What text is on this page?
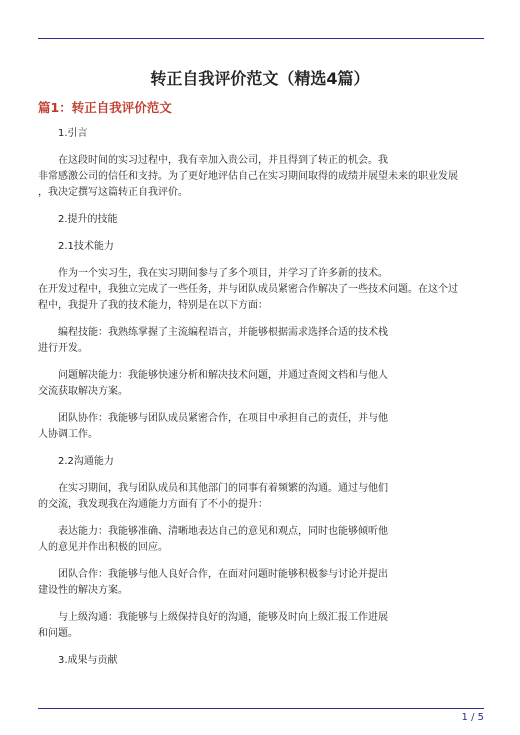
转正自我评价范文（精选4篇）
篇1：转正自我评价范文

1.引言

在这段时间的实习过程中，我有幸加入贵公司，并且得到了转正的机会。我
非常感激公司的信任和支持。为了更好地评估自己在实习期间取得的成绩并展望未来的职业发展
，我决定撰写这篇转正自我评价。

2.提升的技能

2.1技术能力

作为一个实习生，我在实习期间参与了多个项目，并学习了许多新的技术。
在开发过程中，我独立完成了一些任务，并与团队成员紧密合作解决了一些技术问题。在这个过
程中，我提升了我的技术能力，特别是在以下方面：

编程技能：我熟练掌握了主流编程语言，并能够根据需求选择合适的技术栈
进行开发。

问题解决能力：我能够快速分析和解决技术问题，并通过查阅文档和与他人
交流获取解决方案。

团队协作：我能够与团队成员紧密合作，在项目中承担自己的责任，并与他
人协调工作。

2.2沟通能力

在实习期间，我与团队成员和其他部门的同事有着频繁的沟通。通过与他们
的交流，我发现我在沟通能力方面有了不小的提升：

表达能力：我能够准确、清晰地表达自己的意见和观点，同时也能够倾听他
人的意见并作出积极的回应。

团队合作：我能够与他人良好合作，在面对问题时能够积极参与讨论并提出
建设性的解决方案。

与上级沟通：我能够与上级保持良好的沟通，能够及时向上级汇报工作进展
和问题。

3.成果与贡献

1 / 5
